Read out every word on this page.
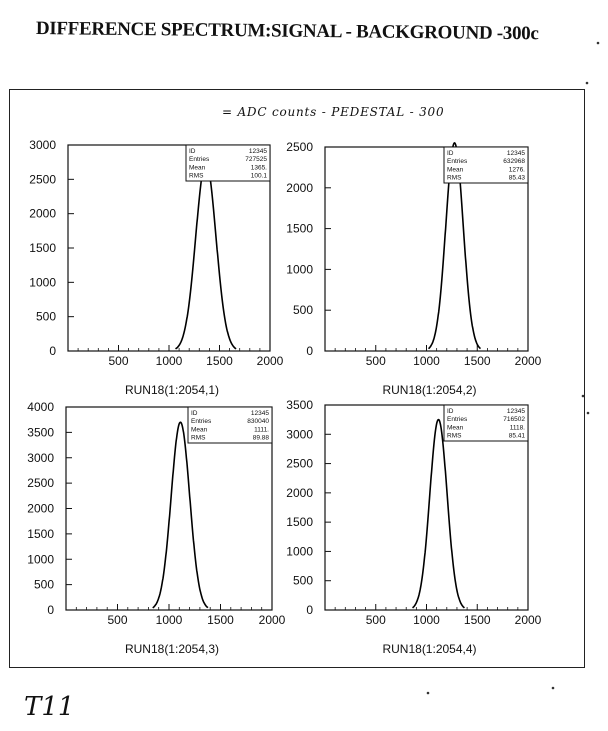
DIFFERENCE SPECTRUM:SIGNAL - BACKGROUND -300c
= ADC counts - PEDESTAL - 300
0
500
1000
1500
2000
2500
3000
500 1000 1500 2000
RUN18(1:2054,1)
ID	12345
Entries	727525
Mean	1365.
RMS	100.1
0
500
1000
1500
2000
2500
500 1000 1500 2000
RUN18(1:2054,2)
ID	12345
Entries	632968
Mean	1276.
RMS	85.43
0
500
1000
1500
2000
2500
3000
3500
4000
500 1000 1500 2000
RUN18(1:2054,3)
ID	12345
Entries	830040
Mean	1111.
RMS	89.88
0
500
1000
1500
2000
2500
3000
3500
500 1000 1500 2000
RUN18(1:2054,4)
ID	12345
Entries	716502
Mean	1118.
RMS	85.41
T11
